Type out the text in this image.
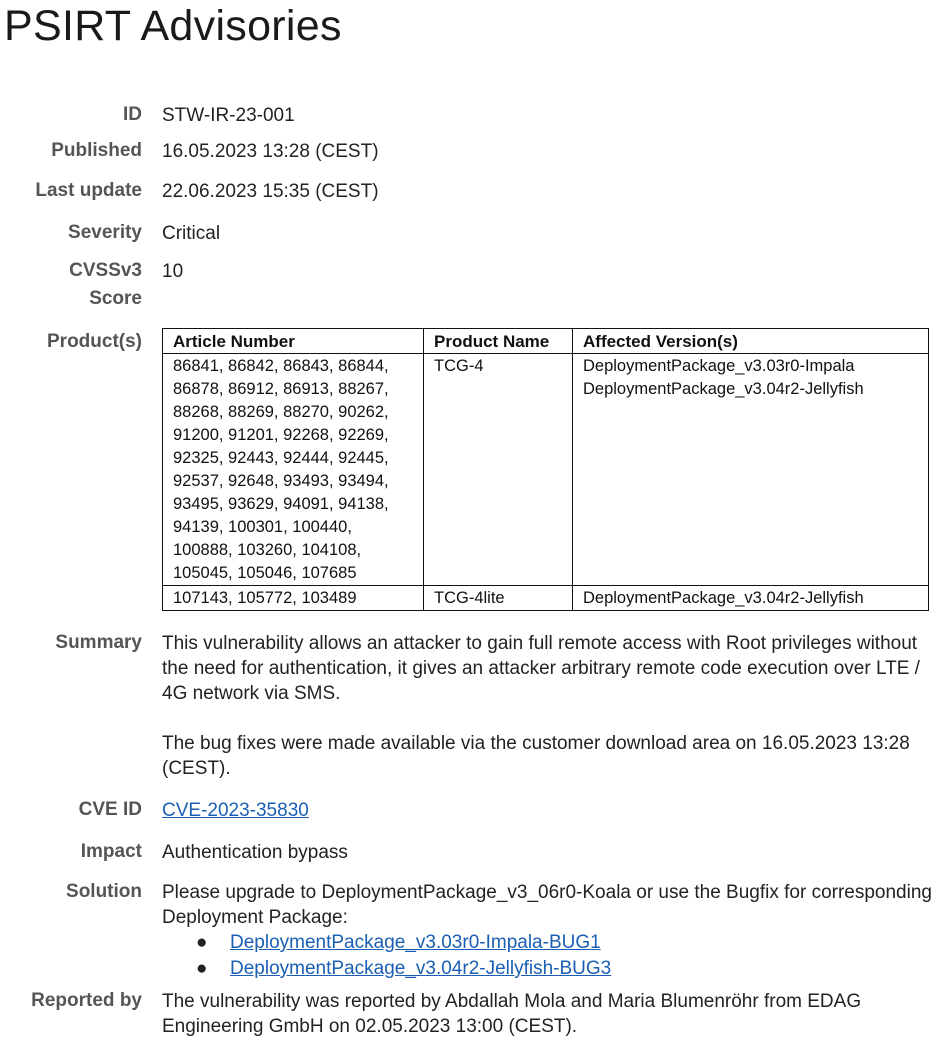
PSIRT Advisories
ID STW-IR-23-001
Published 16.05.2023 13:28 (CEST)
Last update 22.06.2023 15:35 (CEST)
Severity Critical
CVSSv3
Score
10
Product(s) Article Number	Product Name	Affected Version(s)
86841, 86842, 86843, 86844, 86878, 86912, 86913, 88267, 88268, 88269, 88270, 90262, 91200, 91201, 92268, 92269, 92325, 92443, 92444, 92445, 92537, 92648, 93493, 93494, 93495, 93629, 94091, 94138, 94139, 100301, 100440, 100888, 103260, 104108, 105045, 105046, 107685	TCG-4	DeploymentPackage_v3.03r0-Impala
DeploymentPackage_v3.04r2-Jellyfish

107143, 105772, 103489	TCG-4lite	DeploymentPackage_v3.04r2-Jellyfish
Summary This vulnerability allows an attacker to gain full remote access with Root privileges without the need for authentication, it gives an attacker arbitrary remote code execution over LTE / 4G network via SMS.

The bug fixes were made available via the customer download area on 16.05.2023 13:28 (CEST).

CVE ID CVE-2023-35830
Impact Authentication bypass
Solution Please upgrade to DeploymentPackage_v3_06r0-Koala or use the Bugfix for corresponding Deployment Package:

● DeploymentPackage_v3.03r0-Impala-BUG1
● DeploymentPackage_v3.04r2-Jellyfish-BUG3
Reported by The vulnerability was reported by Abdallah Mola and Maria Blumenröhr from EDAG Engineering GmbH on 02.05.2023 13:00 (CEST).
